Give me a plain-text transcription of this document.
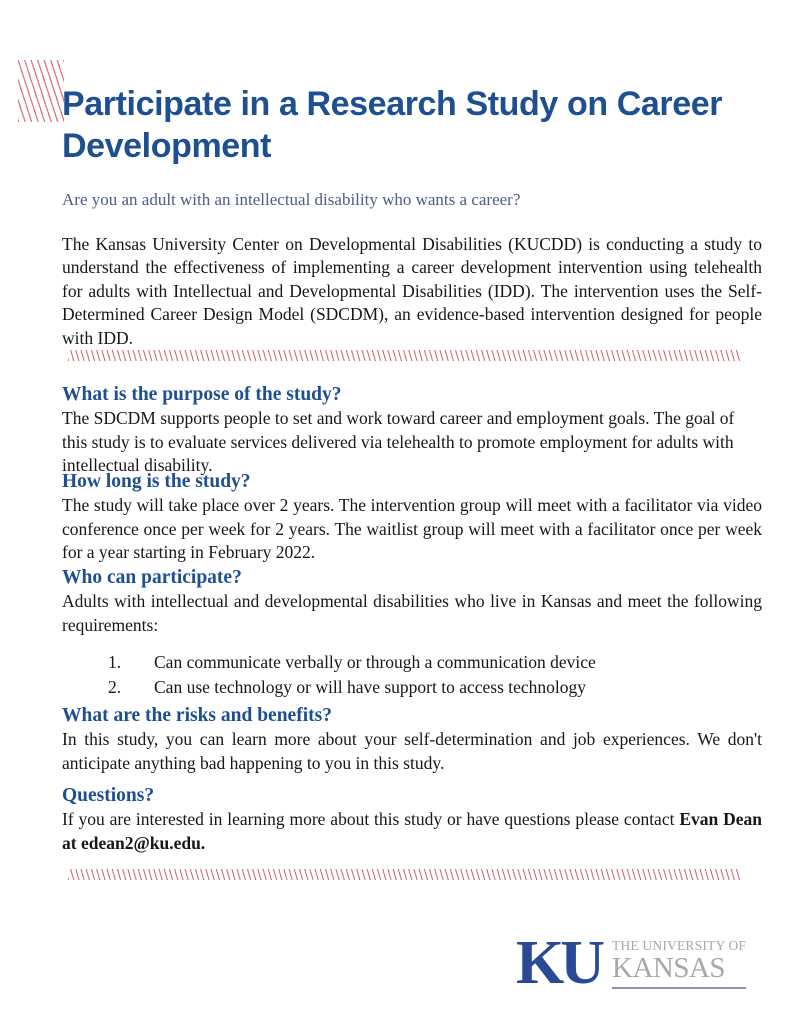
Participate in a Research Study on Career Development

Are you an adult with an intellectual disability who wants a career?

The Kansas University Center on Developmental Disabilities (KUCDD) is conducting a study to understand the effectiveness of implementing a career development intervention using telehealth for adults with Intellectual and Developmental Disabilities (IDD). The intervention uses the Self-Determined Career Design Model (SDCDM), an evidence-based intervention designed for people with IDD.

What is the purpose of the study?

The SDCDM supports people to set and work toward career and employment goals. The goal of this study is to evaluate services delivered via telehealth to promote employment for adults with intellectual disability.

How long is the study?

The study will take place over 2 years. The intervention group will meet with a facilitator via video conference once per week for 2 years. The waitlist group will meet with a facilitator once per week for a year starting in February 2022.

Who can participate?

Adults with intellectual and developmental disabilities who live in Kansas and meet the following requirements:

1.	Can communicate verbally or through a communication device
2.	Can use technology or will have support to access technology
What are the risks and benefits?

In this study, you can learn more about your self-determination and job experiences. We don't anticipate anything bad happening to you in this study.

Questions?

If you are interested in learning more about this study or have questions please contact Evan Dean at edean2@ku.edu.

KU THE UNIVERSITY OF
KANSAS
